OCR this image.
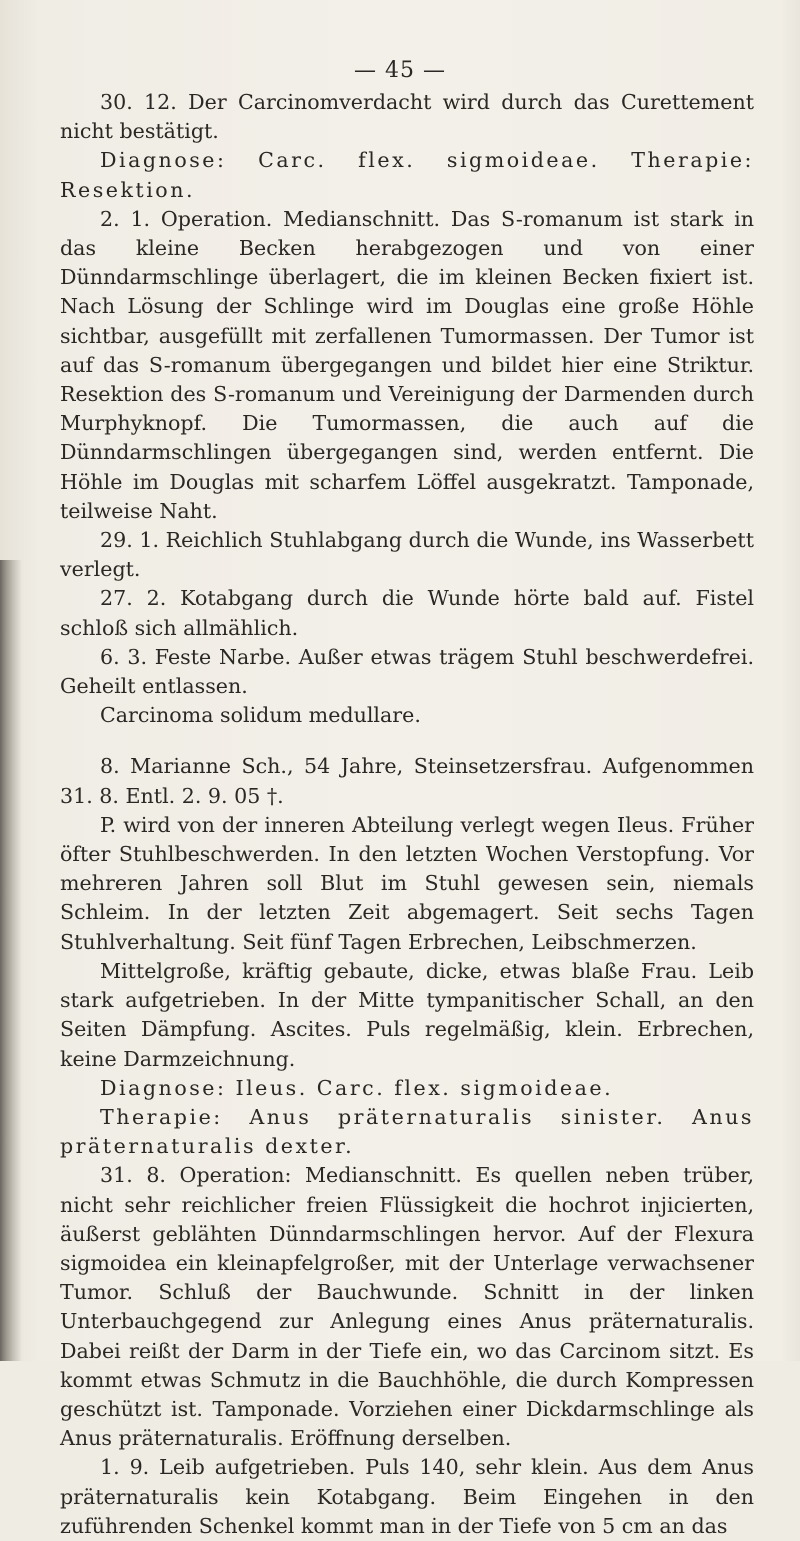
— 45 —

30. 12. Der Carcinomverdacht wird durch das Curettement nicht bestätigt.

Diagnose: Carc. flex. sigmoideae. Therapie: Resektion.

2. 1. Operation. Medianschnitt. Das S-romanum ist stark in das kleine Becken herabgezogen und von einer Dünndarmschlinge überlagert, die im kleinen Becken fixiert ist. Nach Lösung der Schlinge wird im Douglas eine große Höhle sichtbar, ausgefüllt mit zerfallenen Tumormassen. Der Tumor ist auf das S-romanum übergegangen und bildet hier eine Striktur. Resektion des S-romanum und Vereinigung der Darmenden durch Murphyknopf. Die Tumormassen, die auch auf die Dünndarmschlingen übergegangen sind, werden entfernt. Die Höhle im Douglas mit scharfem Löffel ausgekratzt. Tamponade, teilweise Naht.

29. 1. Reichlich Stuhlabgang durch die Wunde, ins Wasserbett verlegt.

27. 2. Kotabgang durch die Wunde hörte bald auf. Fistel schloß sich allmählich.

6. 3. Feste Narbe. Außer etwas trägem Stuhl beschwerdefrei. Geheilt entlassen.

Carcinoma solidum medullare.

8. Marianne Sch., 54 Jahre, Steinsetzersfrau. Aufgenommen 31. 8. Entl. 2. 9. 05 †.

P. wird von der inneren Abteilung verlegt wegen Ileus. Früher öfter Stuhlbeschwerden. In den letzten Wochen Verstopfung. Vor mehreren Jahren soll Blut im Stuhl gewesen sein, niemals Schleim. In der letzten Zeit abgemagert. Seit sechs Tagen Stuhlverhaltung. Seit fünf Tagen Erbrechen, Leibschmerzen.

Mittelgroße, kräftig gebaute, dicke, etwas blaße Frau. Leib stark aufgetrieben. In der Mitte tympanitischer Schall, an den Seiten Dämpfung. Ascites. Puls regelmäßig, klein. Erbrechen, keine Darmzeichnung.

Diagnose: Ileus. Carc. flex. sigmoideae.

Therapie: Anus präternaturalis sinister. Anus präternaturalis dexter.

31. 8. Operation: Medianschnitt. Es quellen neben trüber, nicht sehr reichlicher freien Flüssigkeit die hochrot injicierten, äußerst geblähten Dünndarmschlingen hervor. Auf der Flexura sigmoidea ein kleinapfelgroßer, mit der Unterlage verwachsener Tumor. Schluß der Bauchwunde. Schnitt in der linken Unterbauchgegend zur Anlegung eines Anus präternaturalis. Dabei reißt der Darm in der Tiefe ein, wo das Carcinom sitzt. Es kommt etwas Schmutz in die Bauchhöhle, die durch Kompressen geschützt ist. Tamponade. Vorziehen einer Dickdarmschlinge als Anus präternaturalis. Eröffnung derselben.

1. 9. Leib aufgetrieben. Puls 140, sehr klein. Aus dem Anus präternaturalis kein Kotabgang. Beim Eingehen in den zuführenden Schenkel kommt man in der Tiefe von 5 cm an das
